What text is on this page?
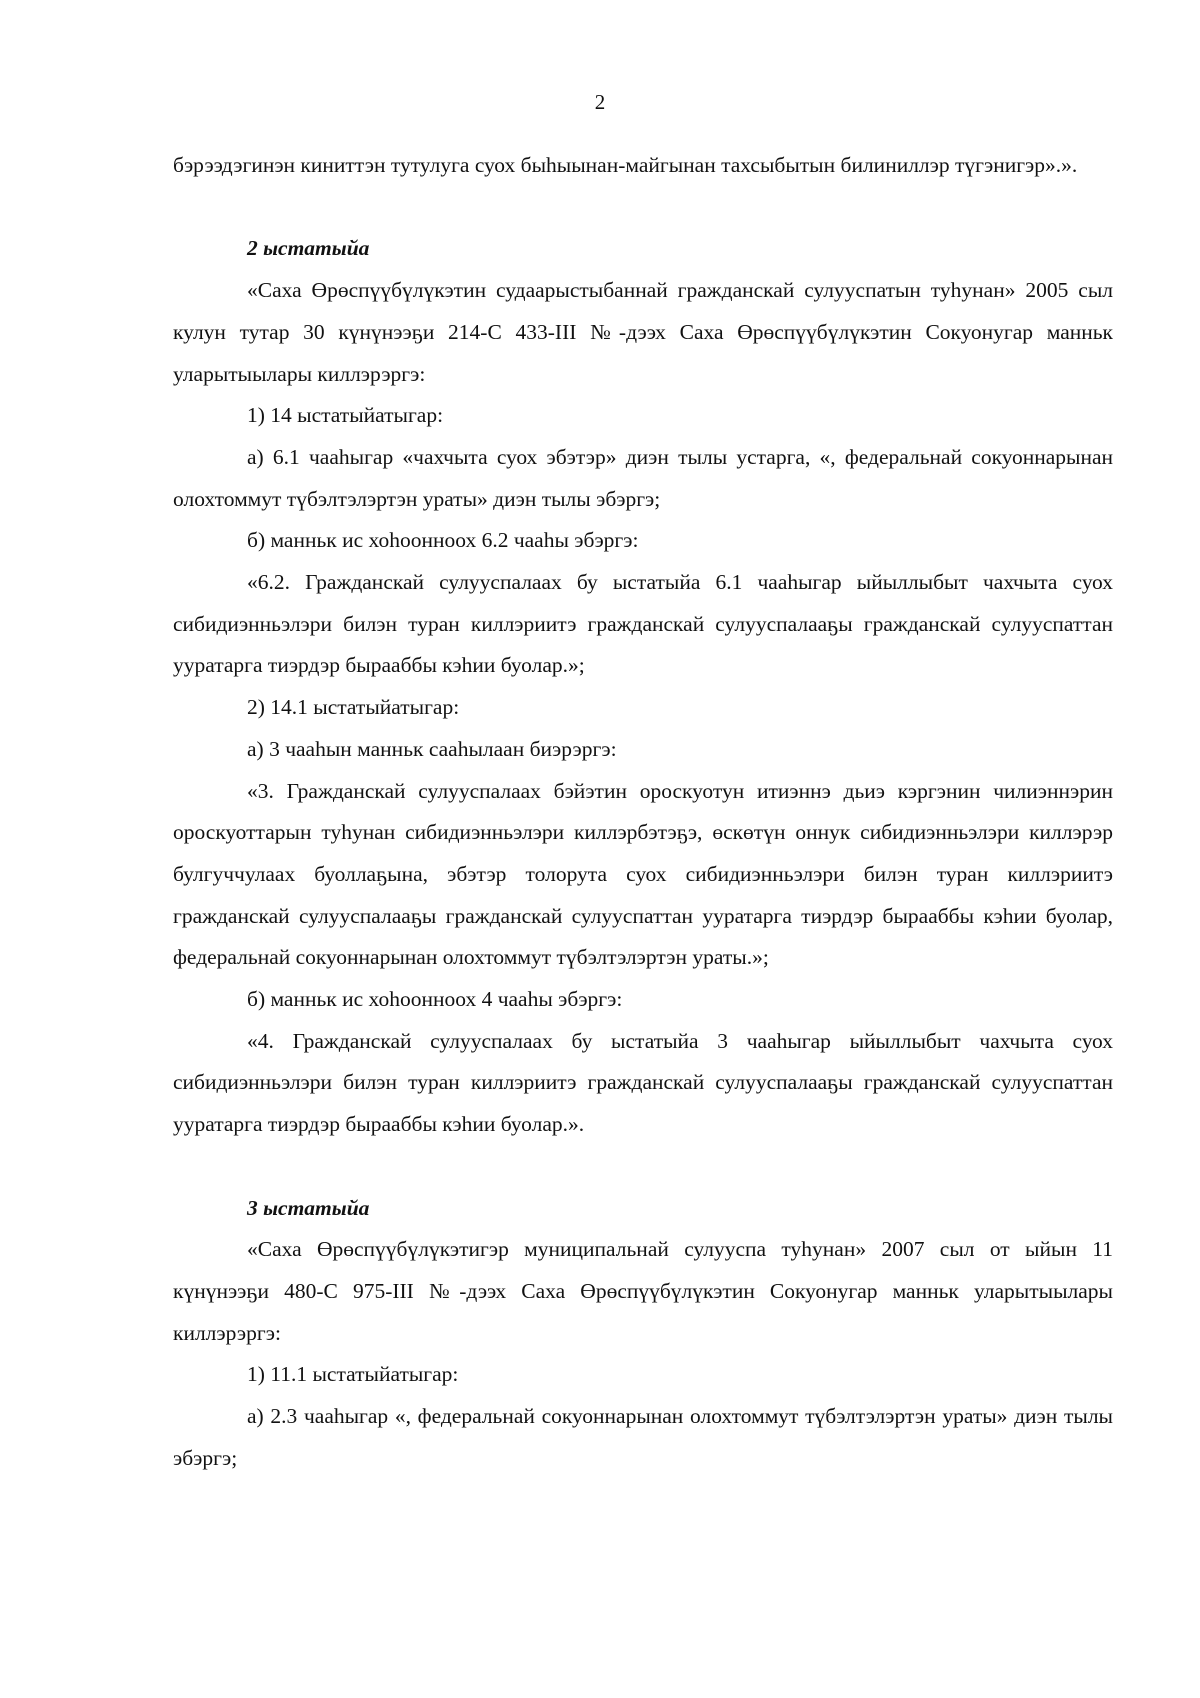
2

бэрээдэгинэн киниттэн тутулуга суох быһыынан-майгынан тахсыбытын билиниллэр түгэнигэр».».

2 ыстатыйа

«Саха Өрөспүүбүлүкэтин судаарыстыбаннай гражданскай сулууспатын туһунан» 2005 сыл кулун тутар 30 күнүнээҕи 214-С 433-III №-дээх Саха Өрөспүүбүлүкэтин Сокуонугар манньк уларытыылары киллэрэргэ:

1) 14 ыстатыйатыгар:

а) 6.1 чааһыгар «чахчыта суох эбэтэр» диэн тылы устарга, «, федеральнай сокуоннарынан олохтоммут түбэлтэлэртэн ураты» диэн тылы эбэргэ;

б) манньк ис хоһоонноох 6.2 чааһы эбэргэ:

«6.2. Гражданскай сулууспалаах бу ыстатыйа 6.1 чааһыгар ыйыллыбыт чахчыта суох сибидиэнньэлэри билэн туран киллэриитэ гражданскай сулууспалааҕы гражданскай сулууспаттан ууратарга тиэрдэр бырааббы кэһии буолар.»;

2) 14.1 ыстатыйатыгар:

а) 3 чааһын манньк сааһылаан биэрэргэ:

«3. Гражданскай сулууспалаах бэйэтин ороскуотун итиэннэ дьиэ кэргэнин чилиэннэрин ороскуоттарын туһунан сибидиэнньэлэри киллэрбэтэҕэ, өскөтүн оннук сибидиэнньэлэри киллэрэр булгуччулаах буоллаҕына, эбэтэр толорута суох сибидиэнньэлэри билэн туран киллэриитэ гражданскай сулууспалааҕы гражданскай сулууспаттан ууратарга тиэрдэр бырааббы кэһии буолар, федеральнай сокуоннарынан олохтоммут түбэлтэлэртэн ураты.»;

б) манньк ис хоһоонноох 4 чааһы эбэргэ:

«4. Гражданскай сулууспалаах бу ыстатыйа 3 чааһыгар ыйыллыбыт чахчыта суох сибидиэнньэлэри билэн туран киллэриитэ гражданскай сулууспалааҕы гражданскай сулууспаттан ууратарга тиэрдэр бырааббы кэһии буолар.».

3 ыстатыйа

«Саха Өрөспүүбүлүкэтигэр муниципальнай сулууспа туһунан» 2007 сыл от ыйын 11 күнүнээҕи 480-С 975-III №-дээх Саха Өрөспүүбүлүкэтин Сокуонугар манньк уларытыылары киллэрэргэ:

1) 11.1 ыстатыйатыгар:

а) 2.3 чааһыгар «, федеральнай сокуоннарынан олохтоммут түбэлтэлэртэн ураты» диэн тылы эбэргэ;
